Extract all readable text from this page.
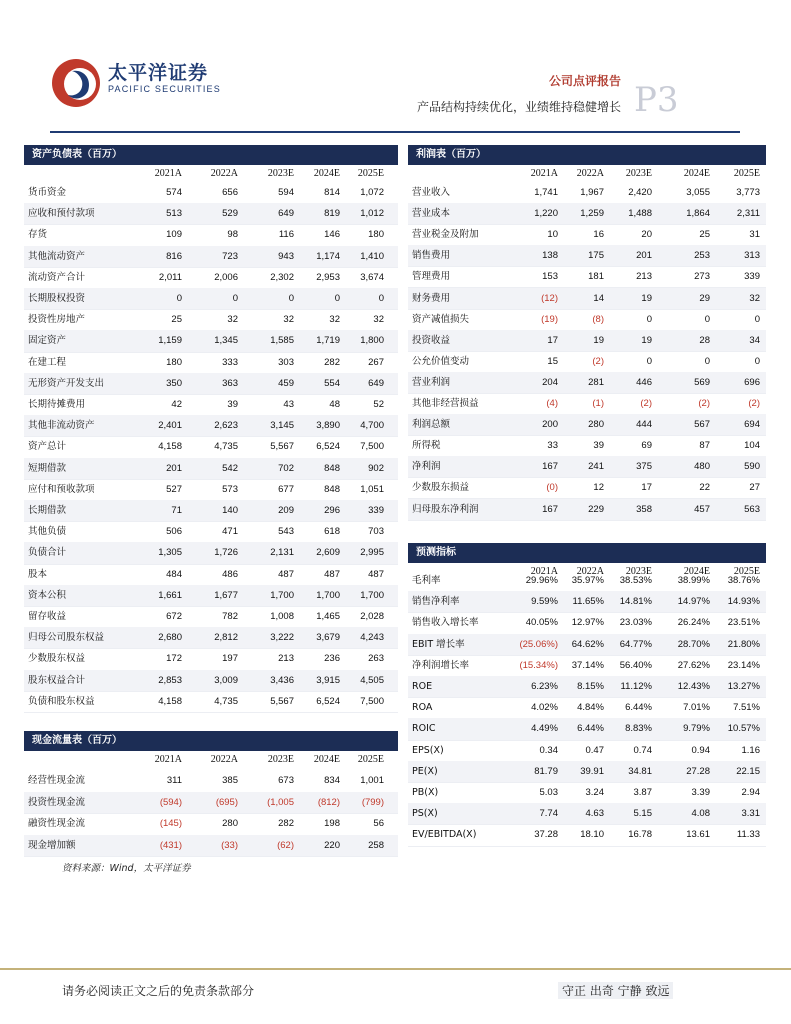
太平洋证券
PACIFIC SECURITIES
公司点评报告
产品结构持续优化，业绩维持稳健增长 P3
资产负债表（百万）
2021A	2022A	2023E	2024E	2025E
货币资金	574	656	594	814	1,072
应收和预付款项	513	529	649	819	1,012
存货	109	98	116	146	180
其他流动资产	816	723	943	1,174	1,410
流动资产合计	2,011	2,006	2,302	2,953	3,674
长期股权投资	0	0	0	0	0
投资性房地产	25	32	32	32	32
固定资产	1,159	1,345	1,585	1,719	1,800
在建工程	180	333	303	282	267
无形资产开发支出	350	363	459	554	649
长期待摊费用	42	39	43	48	52
其他非流动资产	2,401	2,623	3,145	3,890	4,700
资产总计	4,158	4,735	5,567	6,524	7,500
短期借款	201	542	702	848	902
应付和预收款项	527	573	677	848	1,051
长期借款	71	140	209	296	339
其他负债	506	471	543	618	703
负债合计	1,305	1,726	2,131	2,609	2,995
股本	484	486	487	487	487
资本公积	1,661	1,677	1,700	1,700	1,700
留存收益	672	782	1,008	1,465	2,028
归母公司股东权益	2,680	2,812	3,222	3,679	4,243
少数股东权益	172	197	213	236	263
股东权益合计	2,853	3,009	3,436	3,915	4,505
负债和股东权益	4,158	4,735	5,567	6,524	7,500
现金流量表（百万）
2021A	2022A	2023E	2024E	2025E
经营性现金流	311	385	673	834	1,001
投资性现金流	(594)	(695)	(1,005	(812)	(799)
融资性现金流	(145)	280	282	198	56
现金增加额	(431)	(33)	(62)	220	258
利润表（百万）
2021A	2022A	2023E	2024E	2025E
营业收入	1,741	1,967	2,420	3,055	3,773
营业成本	1,220	1,259	1,488	1,864	2,311
营业税金及附加	10	16	20	25	31
销售费用	138	175	201	253	313
管理费用	153	181	213	273	339
财务费用	(12)	14	19	29	32
资产减值损失	(19)	(8)	0	0	0
投资收益	17	19	19	28	34
公允价值变动	15	(2)	0	0	0
营业利润	204	281	446	569	696
其他非经营损益	(4)	(1)	(2)	(2)	(2)
利润总额	200	280	444	567	694
所得税	33	39	69	87	104
净利润	167	241	375	480	590
少数股东损益	(0)	12	17	22	27
归母股东净利润	167	229	358	457	563
预测指标
2021A	2022A	2023E	2024E	2025E
毛利率	29.96%	35.97%	38.53%	38.99%	38.76%
销售净利率	9.59%	11.65%	14.81%	14.97%	14.93%
销售收入增长率	40.05%	12.97%	23.03%	26.24%	23.51%
EBIT 增长率	(25.06%)	64.62%	64.77%	28.70%	21.80%
净利润增长率	(15.34%)	37.14%	56.40%	27.62%	23.14%
ROE	6.23%	8.15%	11.12%	12.43%	13.27%
ROA	4.02%	4.84%	6.44%	7.01%	7.51%
ROIC	4.49%	6.44%	8.83%	9.79%	10.57%
EPS(X)	0.34	0.47	0.74	0.94	1.16
PE(X)	81.79	39.91	34.81	27.28	22.15
PB(X)	5.03	3.24	3.87	3.39	2.94
PS(X)	7.74	4.63	5.15	4.08	3.31
EV/EBITDA(X)	37.28	18.10	16.78	13.61	11.33
资料来源：Wind，太平洋证券
请务必阅读正文之后的免责条款部分	守正 出奇 宁静 致远
